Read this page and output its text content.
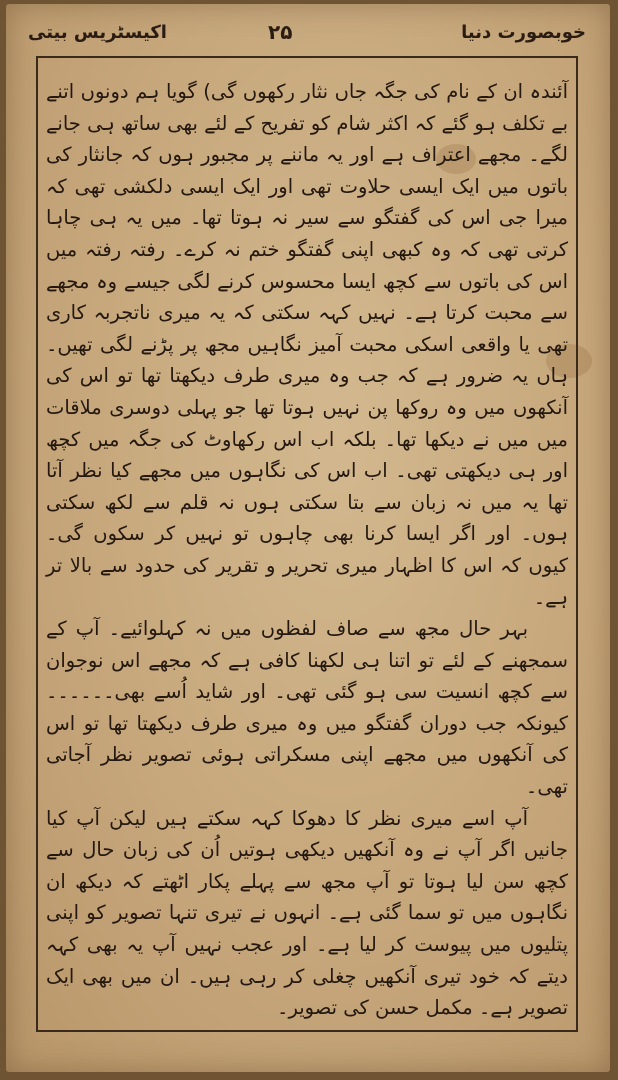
اکیسٹریس بیتی	۲۵	خوبصورت دنیا

آئندہ ان کے نام کی جگہ جاں نثار رکھوں گی) گویا ہم دونوں اتنے بے تکلف ہو گئے کہ اکثر شام کو تفریح کے لئے بھی ساتھ ہی جانے لگے۔ مجھے اعتراف ہے اور یہ ماننے پر مجبور ہوں کہ جانثار کی باتوں میں ایک ایسی حلاوت تھی اور ایک ایسی دلکشی تھی کہ میرا جی اس کی گفتگو سے سیر نہ ہوتا تھا۔ میں یہ ہی چاہا کرتی تھی کہ وہ کبھی اپنی گفتگو ختم نہ کرے۔ رفتہ رفتہ میں اس کی باتوں سے کچھ ایسا محسوس کرنے لگی جیسے وہ مجھے سے محبت کرتا ہے۔ نہیں کہہ سکتی کہ یہ میری ناتجربہ کاری تھی یا واقعی اسکی محبت آمیز نگاہیں مجھ پر پڑنے لگی تھیں۔ ہاں یہ ضرور ہے کہ جب وہ میری طرف دیکھتا تھا تو اس کی آنکھوں میں وہ روکھا پن نہیں ہوتا تھا جو پہلی دوسری ملاقات میں میں نے دیکھا تھا۔ بلکہ اب اس رکھاوٹ کی جگہ میں کچھ اور ہی دیکھتی تھی۔ اب اس کی نگاہوں میں مجھے کیا نظر آتا تھا یہ میں نہ زبان سے بتا سکتی ہوں نہ قلم سے لکھ سکتی ہوں۔ اور اگر ایسا کرنا بھی چاہوں تو نہیں کر سکوں گی۔ کیوں کہ اس کا اظہار میری تحریر و تقریر کی حدود سے بالا تر ہے۔

بہر حال مجھ سے صاف لفظوں میں نہ کہلوائیے۔ آپ کے سمجھنے کے لئے تو اتنا ہی لکھنا کافی ہے کہ مجھے اس نوجوان سے کچھ انسیت سی ہو گئی تھی۔ اور شاید اُسے بھی۔۔۔۔۔۔ کیونکہ جب دوران گفتگو میں وہ میری طرف دیکھتا تھا تو اس کی آنکھوں میں مجھے اپنی مسکراتی ہوئی تصویر نظر آجاتی تھی۔

آپ اسے میری نظر کا دھوکا کہہ سکتے ہیں لیکن آپ کیا جانیں اگر آپ نے وہ آنکھیں دیکھی ہوتیں اُن کی زبان حال سے کچھ سن لیا ہوتا تو آپ مجھ سے پہلے پکار اٹھتے کہ دیکھ ان نگاہوں میں تو سما گئی ہے۔ انہوں نے تیری تنہا تصویر کو اپنی پتلیوں میں پیوست کر لیا ہے۔ اور عجب نہیں آپ یہ بھی کہہ دیتے کہ خود تیری آنکھیں چغلی کر رہی ہیں۔ ان میں بھی ایک تصویر ہے۔ مکمل حسن کی تصویر۔
